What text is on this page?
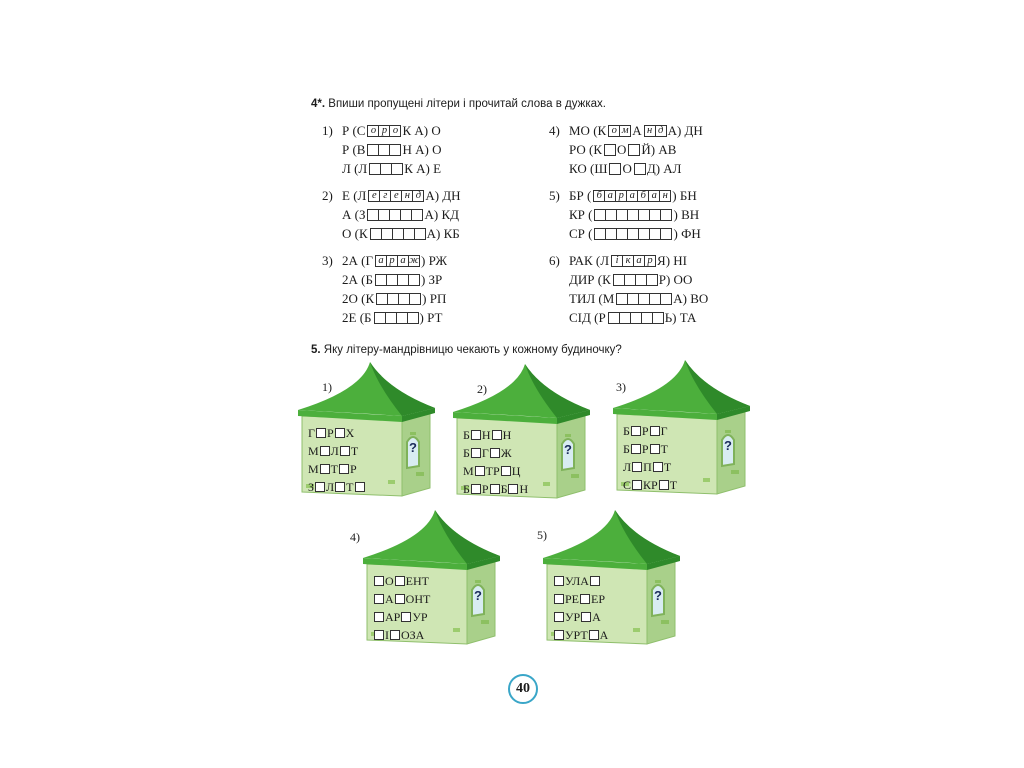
4*. Впиши пропущені літери і прочитай слова в дужках.
1) Р (С о р о К А) О
Р (В	Н А) О
Л (Л	К А) Е
2) Е (Л е г е н д А) ДН
А (З	А) КД
О (К	А) КБ
3) 2А (Г а р а ж ) РЖ
2А (Б	) ЗР
2О (К	) РП
2Е (Б	) РТ
4) МО (К о м А н д А) ДН
РО (К О Й) АВ
КО (Ш О Д) АЛ
5) БР ( б а р а б а н ) БН
КР (	) ВН
СР (	) ФН
6) РАК (Л і к а р Я) НІ
ДИР (К	Р) ОО
ТИЛ (М	А) ВО
СІД (Р	Ь) ТА
5. Яку літеру-мандрівницю чекають у кожному будиночку?
1)
?
Г Р Х
М Л Т
М Т Р
З Л Т
2)
?
Б Н Н
Б Г Ж
М ТР Ц
Б Р Б Н
3)
?
Б Р Г
Б Р Т
Л П Т
С КР Т
4)
?
О ЕНТ
А ОНТ
АР УР
І ОЗА
5)
?
УЛА
РЕ ЕР
УР А
УРТ А
40
